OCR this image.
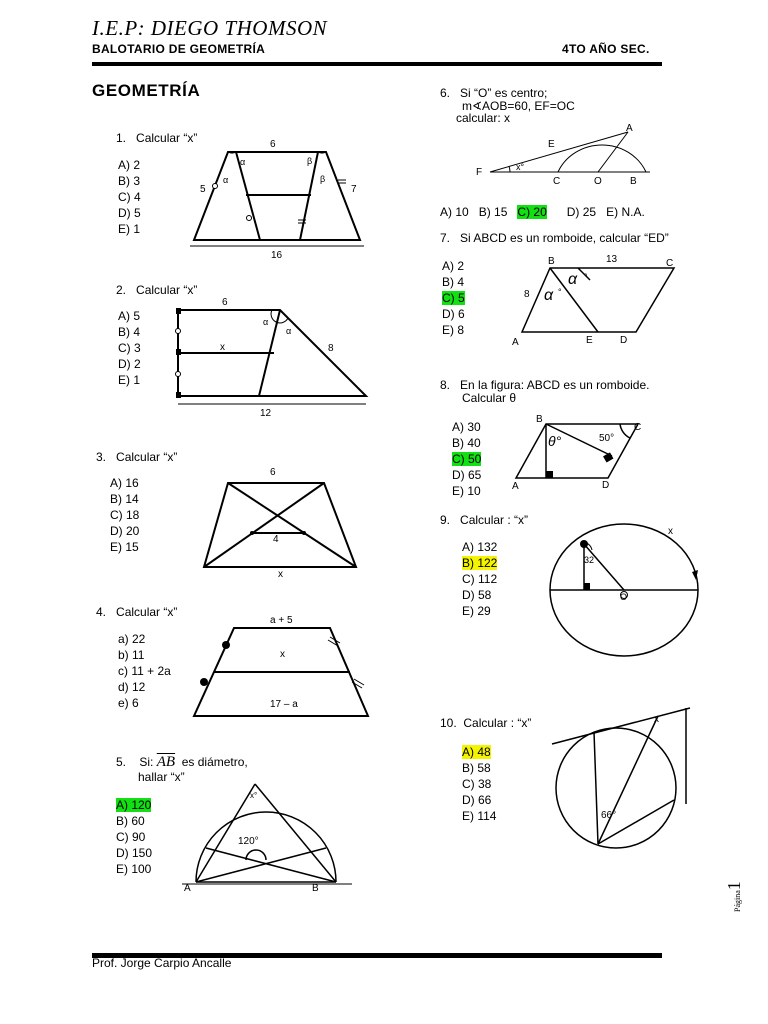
I.E.P: DIEGO THOMSON
BALOTARIO DE GEOMETRÍA	4TO AÑO SEC.
GEOMETRÍA
1. Calcular “x”
A) 2
B) 3
C) 4
D) 5
E) 1
6
5	7
16
α
α
β
β
2. Calcular “x”
A) 5
B) 4
C) 3
D) 2
E) 1
6
x	8
12
α
α
3. Calcular “x”
A) 16
B) 14
C) 18
D) 20
E) 15
6
4
x
4. Calcular “x”
a) 22
b) 11
c) 11 + 2a
d) 12
e) 6
a + 5
x
17 – a
5. Si: $\overline{AB}$ es diámetro,
hallar “x”
A) 120
B) 60
C) 90
D) 150
E) 100
x°
120°
A	B
6. Si “O” es centro;
m∢AOB=60, EF=OC
calcular: x
F
E
A
C	O	B
x°
A) 10 B) 15 C) 20 D) 25 E) N.A.
7. Si ABCD es un romboide, calcular “ED”
A) 2
B) 4
C) 5
D) 6
E) 8
B	13	C
8
A	E	D
α °
α °
8. En la figura: ABCD es un romboide.
Calcular θ
A) 30
B) 40
C) 50
D) 65
E) 10
B
C
A	D
50°
θ°
9. Calcular : “x”
A) 132
B) 122
C) 112
D) 58
E) 29
x
32
O
10. Calcular : “x”
A) 48
B) 58
C) 38
D) 66
E) 114
x
66°
Prof. Jorge Carpio Ancalle
Página1
